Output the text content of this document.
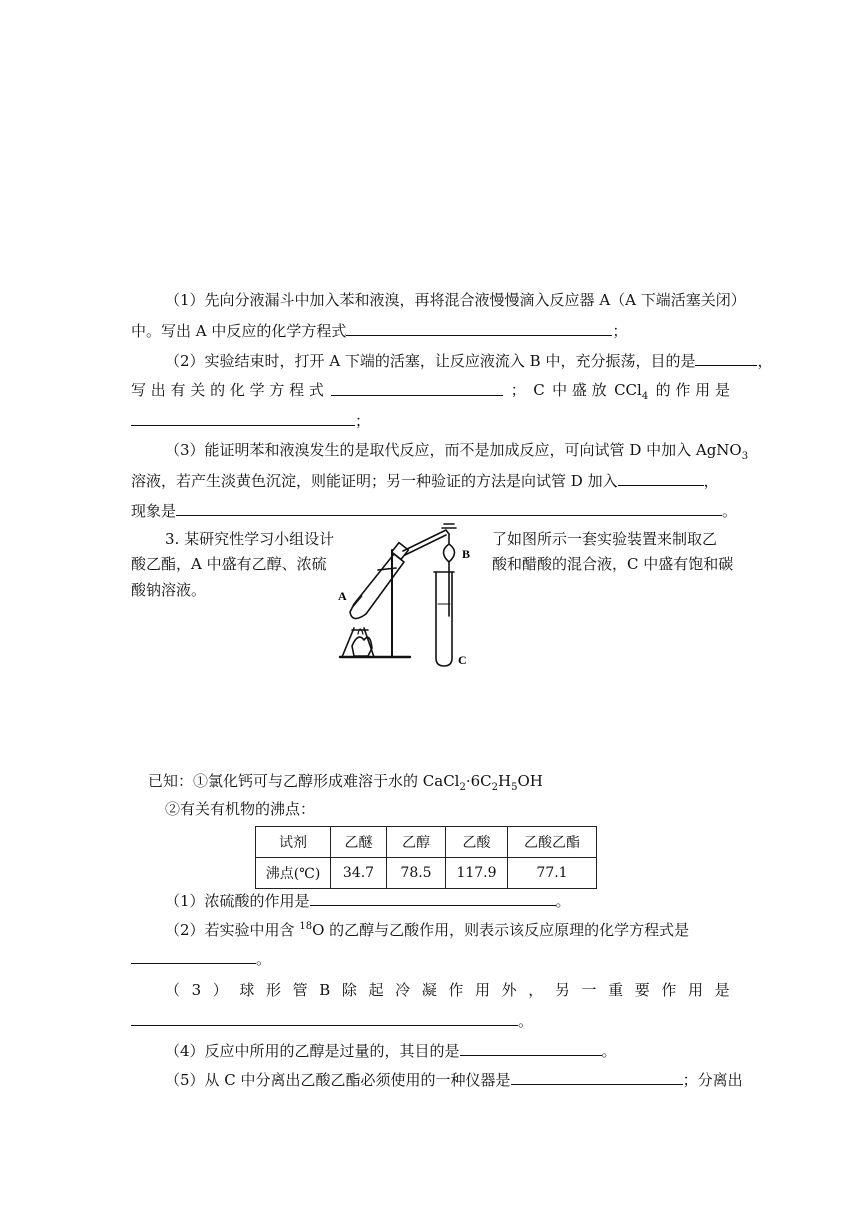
（1）先向分液漏斗中加入苯和液溴，再将混合液慢慢滴入反应器 A（A 下端活塞关闭）
中。写出 A 中反应的化学方程式	；
（2）实验结束时，打开 A 下端的活塞，让反应液流入 B 中，充分振荡，目的是	，
写 出 有 关 的 化 学 方 程 式	； C 中 盛 放 CCl$_4$ 的 作 用 是
；
（3）能证明苯和液溴发生的是取代反应，而不是加成反应，可向试管 D 中加入 AgNO$_3$
溶液，若产生淡黄色沉淀，则能证明；另一种验证的方法是向试管 D 加入	，
现象是	。
3. 某研究性学习小组设计
酸乙酯，A 中盛有乙醇、浓硫
酸钠溶液。
了如图所示一套实验装置来制取乙
酸和醋酸的混合液，C 中盛有饱和碳
A
B
C
已知：①氯化钙可与乙醇形成难溶于水的 $CaCl_2\cdot 6C_2H_5OH$
②有关有机物的沸点：
试剂	乙醚	乙醇	乙酸	乙酸乙酯
沸点(℃)	34.7	78.5	117.9	77.1
（1）浓硫酸的作用是	。
（2）若实验中用含 $^{18}$O 的乙醇与乙酸作用，则表示该反应原理的化学方程式是
。
（ 3 ） 球 形 管 B 除 起 冷 凝 作 用 外 ， 另 一 重 要 作 用 是
。
（4）反应中所用的乙醇是过量的，其目的是	。
（5）从 C 中分离出乙酸乙酯必须使用的一种仪器是	；分离出
